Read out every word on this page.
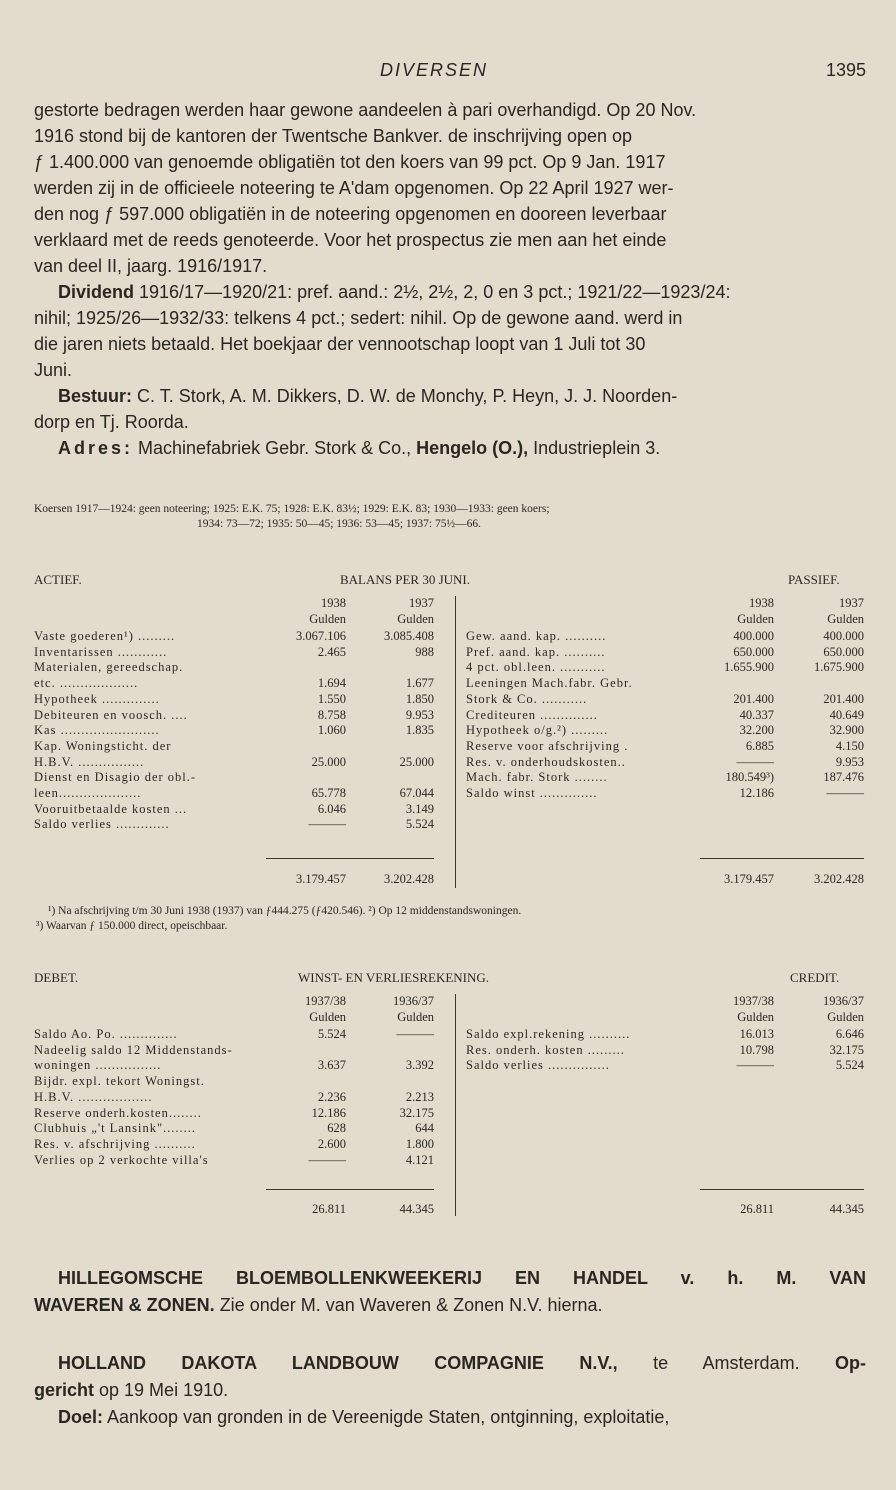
DIVERSEN	1395

gestorte bedragen werden haar gewone aandeelen à pari overhandigd. Op 20 Nov.

1916 stond bij de kantoren der Twentsche Bankver. de inschrijving open op

ƒ 1.400.000 van genoemde obligatiën tot den koers van 99 pct. Op 9 Jan. 1917

werden zij in de officieele noteering te A'dam opgenomen. Op 22 April 1927 wer-

den nog ƒ 597.000 obligatiën in de noteering opgenomen en dooreen leverbaar

verklaard met de reeds genoteerde. Voor het prospectus zie men aan het einde

van deel II, jaarg. 1916/1917.

Dividend 1916/17—1920/21: pref. aand.: 2½, 2½, 2, 0 en 3 pct.; 1921/22—1923/24:

nihil; 1925/26—1932/33: telkens 4 pct.; sedert: nihil. Op de gewone aand. werd in

die jaren niets betaald. Het boekjaar der vennootschap loopt van 1 Juli tot 30

Juni.

Bestuur: C. T. Stork, A. M. Dikkers, D. W. de Monchy, P. Heyn, J. J. Noorden-

dorp en Tj. Roorda.

Adres: Machinefabriek Gebr. Stork & Co., Hengelo (O.), Industrieplein 3.

Koersen 1917—1924: geen noteering; 1925: E.K. 75; 1928: E.K. 83½; 1929: E.K. 83; 1930—1933: geen koers;
1934: 73—72; 1935: 50—45; 1936: 53—45; 1937: 75½—66.
ACTIEF.	BALANS PER 30 JUNI.	PASSIEF.
1938	1937
Gulden	Gulden
1938	1937
Gulden	Gulden
Vaste goederen¹) .........	3.067.106	3.085.408
Inventarissen ............	2.465	988
Materialen, gereedschap.
etc. ...................	1.694	1.677
Hypotheek ..............	1.550	1.850
Debiteuren en voosch. ....	8.758	9.953
Kas ........................	1.060	1.835
Kap. Woningsticht. der
H.B.V. ................	25.000	25.000
Dienst en Disagio der obl.-
leen....................	65.778	67.044
Vooruitbetaalde kosten ...	6.046	3.149
Saldo verlies .............	———	5.524
Gew. aand. kap. ..........	400.000	400.000
Pref. aand. kap. ..........	650.000	650.000
4 pct. obl.leen. ...........	1.655.900	1.675.900
Leeningen Mach.fabr. Gebr.
Stork & Co. ...........	201.400	201.400
Crediteuren ..............	40.337	40.649
Hypotheek o/g.²) .........	32.200	32.900
Reserve voor afschrijving .	6.885	4.150
Res. v. onderhoudskosten..	———	9.953
Mach. fabr. Stork ........	180.549³)	187.476
Saldo winst ..............	12.186	———
3.179.457	3.202.428	3.179.457	3.202.428
¹) Na afschrijving t/m 30 Juni 1938 (1937) van ƒ444.275 (ƒ420.546). ²) Op 12 middenstandswoningen.
³) Waarvan ƒ 150.000 direct, opeischbaar.
DEBET.	WINST- EN VERLIESREKENING.	CREDIT.
1937/38	1936/37
Gulden	Gulden
1937/38	1936/37
Gulden	Gulden
Saldo Ao. Po. ..............	5.524	———
Nadeelig saldo 12 Middenstands-
woningen ................	3.637	3.392
Bijdr. expl. tekort Woningst.
H.B.V. ..................	2.236	2.213
Reserve onderh.kosten........	12.186	32.175
Clubhuis „'t Lansink"........	628	644
Res. v. afschrijving ..........	2.600	1.800
Verlies op 2 verkochte villa's	———	4.121
Saldo expl.rekening ..........	16.013	6.646
Res. onderh. kosten .........	10.798	32.175
Saldo verlies ...............	———	5.524
26.811	44.345	26.811	44.345

HILLEGOMSCHE BLOEMBOLLENKWEEKERIJ EN HANDEL v. h. M. VAN

WAVEREN & ZONEN. Zie onder M. van Waveren & Zonen N.V. hierna.

HOLLAND DAKOTA LANDBOUW COMPAGNIE N.V., te Amsterdam. Op-

gericht op 19 Mei 1910.

Doel: Aankoop van gronden in de Vereenigde Staten, ontginning, exploitatie,
